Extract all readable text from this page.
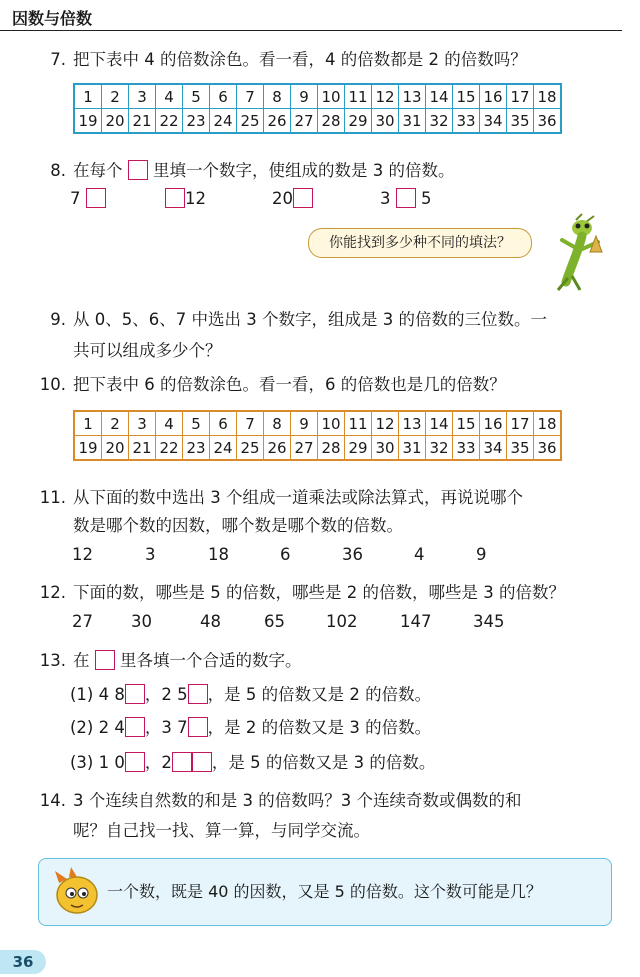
因数与倍数
7. 把下表中 4 的倍数涂色。看一看，4 的倍数都是 2 的倍数吗？
1	2	3	4	5	6	7	8	9	10	11	12	13	14	15	16	17	18
19	20	21	22	23	24	25	26	27	28	29	30	31	32	33	34	35	36
8. 在每个 里填一个数字，使组成的数是 3 的倍数。
7	12	20	3 5
你能找到多少种不同的填法？
9. 从 0、5、6、7 中选出 3 个数字，组成是 3 的倍数的三位数。一
共可以组成多少个？
10. 把下表中 6 的倍数涂色。看一看，6 的倍数也是几的倍数？
1	2	3	4	5	6	7	8	9	10	11	12	13	14	15	16	17	18
19	20	21	22	23	24	25	26	27	28	29	30	31	32	33	34	35	36
11. 从下面的数中选出 3 个组成一道乘法或除法算式，再说说哪个
数是哪个数的因数，哪个数是哪个数的倍数。
12	3	18	6	36	4	9
12. 下面的数，哪些是 5 的倍数，哪些是 2 的倍数，哪些是 3 的倍数？
27 30	48	65 102	147	345
13. 在 里各填一个合适的数字。
(1) 4 8 ，2 5 ，是 5 的倍数又是 2 的倍数。
(2) 2 4 ，3 7 ，是 2 的倍数又是 3 的倍数。
(3) 1 0 ，2 ，是 5 的倍数又是 3 的倍数。
14. 3 个连续自然数的和是 3 的倍数吗？3 个连续奇数或偶数的和
呢？自己找一找、算一算，与同学交流。
一个数，既是 40 的因数，又是 5 的倍数。这个数可能是几？
36
